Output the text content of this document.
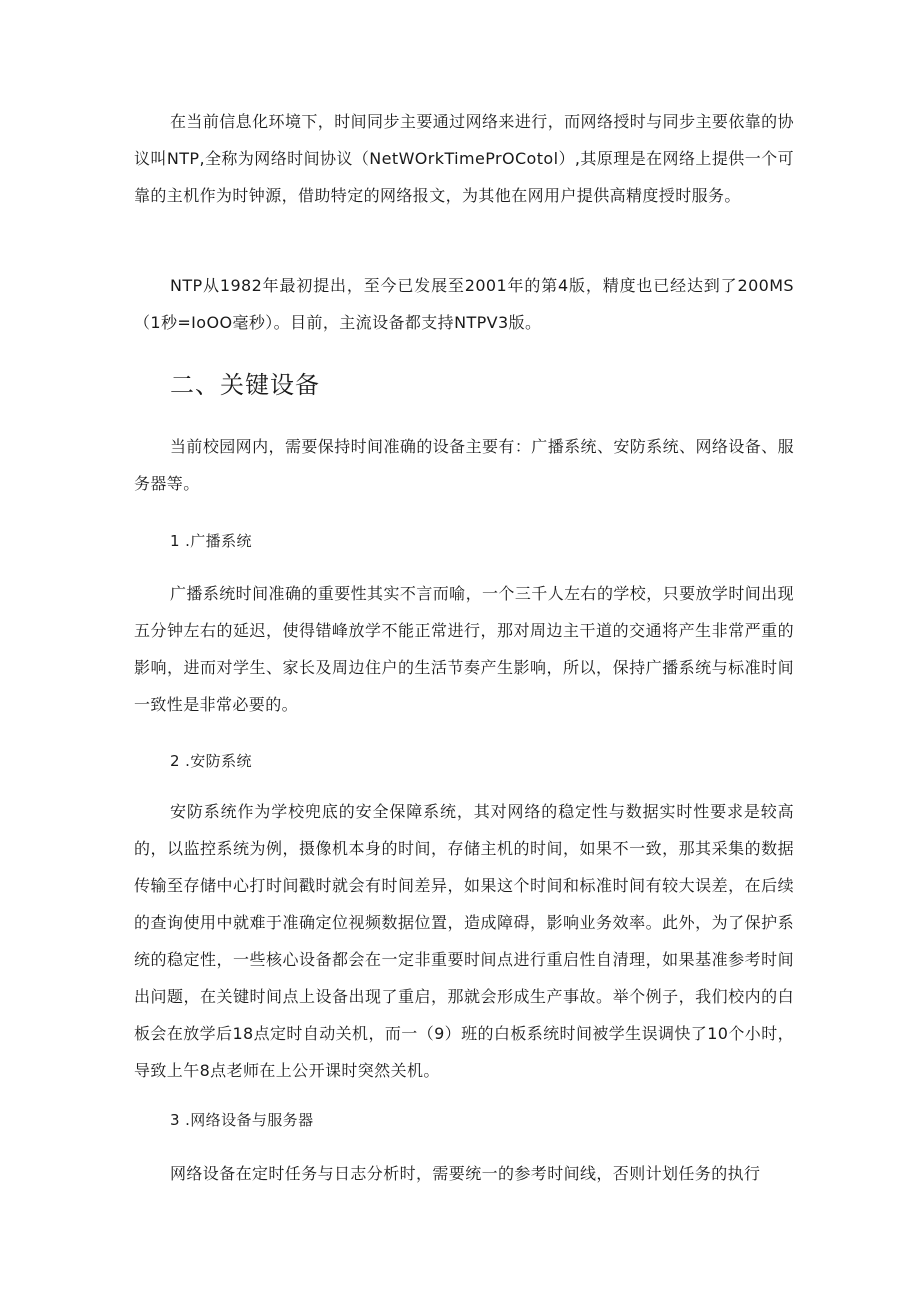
在当前信息化环境下，时间同步主要通过网络来进行，而网络授时与同步主要依靠的协议叫NTP,全称为网络时间协议（NetWOrkTimePrOCotol）,其原理是在网络上提供一个可靠的主机作为时钟源，借助特定的网络报文，为其他在网用户提供高精度授时服务。

NTP从1982年最初提出，至今已发展至2001年的第4版，精度也已经达到了200MS（1秒=IoOO毫秒）。目前，主流设备都支持NTPV3版。

二、关键设备

当前校园网内，需要保持时间准确的设备主要有：广播系统、安防系统、网络设备、服务器等。

1 .广播系统

广播系统时间准确的重要性其实不言而喻，一个三千人左右的学校，只要放学时间出现五分钟左右的延迟，使得错峰放学不能正常进行，那对周边主干道的交通将产生非常严重的影响，进而对学生、家长及周边住户的生活节奏产生影响，所以，保持广播系统与标准时间一致性是非常必要的。

2 .安防系统

安防系统作为学校兜底的安全保障系统，其对网络的稳定性与数据实时性要求是较高的，以监控系统为例，摄像机本身的时间，存储主机的时间，如果不一致，那其采集的数据传输至存储中心打时间戳时就会有时间差异，如果这个时间和标准时间有较大误差，在后续的查询使用中就难于准确定位视频数据位置，造成障碍，影响业务效率。此外，为了保护系统的稳定性，一些核心设备都会在一定非重要时间点进行重启性自清理，如果基准参考时间出问题，在关键时间点上设备出现了重启，那就会形成生产事故。举个例子，我们校内的白板会在放学后18点定时自动关机，而一（9）班的白板系统时间被学生误调快了10个小时，导致上午8点老师在上公开课时突然关机。

3 .网络设备与服务器

网络设备在定时任务与日志分析时，需要统一的参考时间线，否则计划任务的执行
